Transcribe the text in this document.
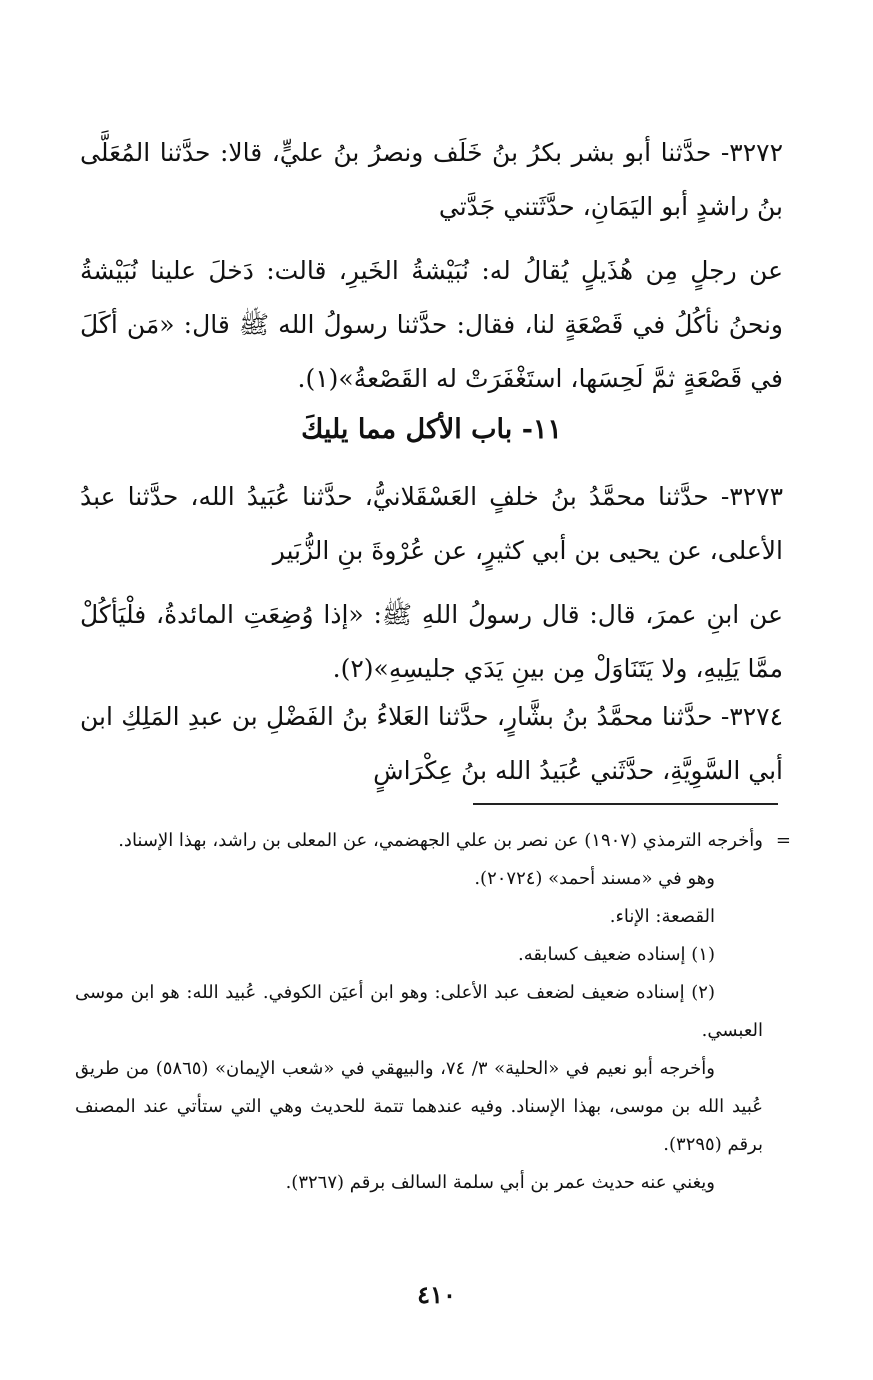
٣٢٧٢- حدَّثنا أبو بشر بكرُ بنُ خَلَف ونصرُ بنُ عليٍّ، قالا: حدَّثنا المُعَلَّى بنُ راشدٍ أبو اليَمَانِ، حدَّثَتني جَدَّتي

عن رجلٍ مِن هُذَيلٍ يُقالُ له: نُبَيْشةُ الخَيرِ، قالت: دَخلَ علينا نُبَيْشةُ ونحنُ نأكُلُ في قَصْعَةٍ لنا، فقال: حدَّثنا رسولُ الله ﷺ قال: «مَن أكَلَ في قَصْعَةٍ ثمَّ لَحِسَها، استَغْفَرَتْ له القَصْعةُ»(١).

١١- باب الأكل مما يليكَ

٣٢٧٣- حدَّثنا محمَّدُ بنُ خلفٍ العَسْقَلانيُّ، حدَّثنا عُبَيدُ الله، حدَّثنا عبدُ الأعلى، عن يحيى بن أبي كثيرٍ، عن عُرْوةَ بنِ الزُّبَير

عن ابنِ عمرَ، قال: قال رسولُ اللهِ ﷺ: «إذا وُضِعَتِ المائدةُ، فلْيَأكُلْ ممَّا يَلِيهِ، ولا يَتَنَاوَلْ مِن بينِ يَدَي جليسِهِ»(٢).

٣٢٧٤- حدَّثنا محمَّدُ بنُ بشَّارٍ، حدَّثنا العَلاءُ بنُ الفَضْلِ بن عبدِ المَلِكِ ابن أبي السَّوِيَّةِ، حدَّثَني عُبَيدُ الله بنُ عِكْرَاشٍ

=
وأخرجه الترمذي (١٩٠٧) عن نصر بن علي الجهضمي، عن المعلى بن راشد، بهذا الإسناد.

وهو في «مسند أحمد» (٢٠٧٢٤).

القصعة: الإناء.

(١) إسناده ضعيف كسابقه.

(٢) إسناده ضعيف لضعف عبد الأعلى: وهو ابن أعيَن الكوفي. عُبيد الله: هو ابن موسى العبسي.

وأخرجه أبو نعيم في «الحلية» ٣/ ٧٤، والبيهقي في «شعب الإيمان» (٥٨٦٥) من طريق عُبيد الله بن موسى، بهذا الإسناد. وفيه عندهما تتمة للحديث وهي التي ستأتي عند المصنف برقم (٣٢٩٥).

ويغني عنه حديث عمر بن أبي سلمة السالف برقم (٣٢٦٧).

٤١٠
